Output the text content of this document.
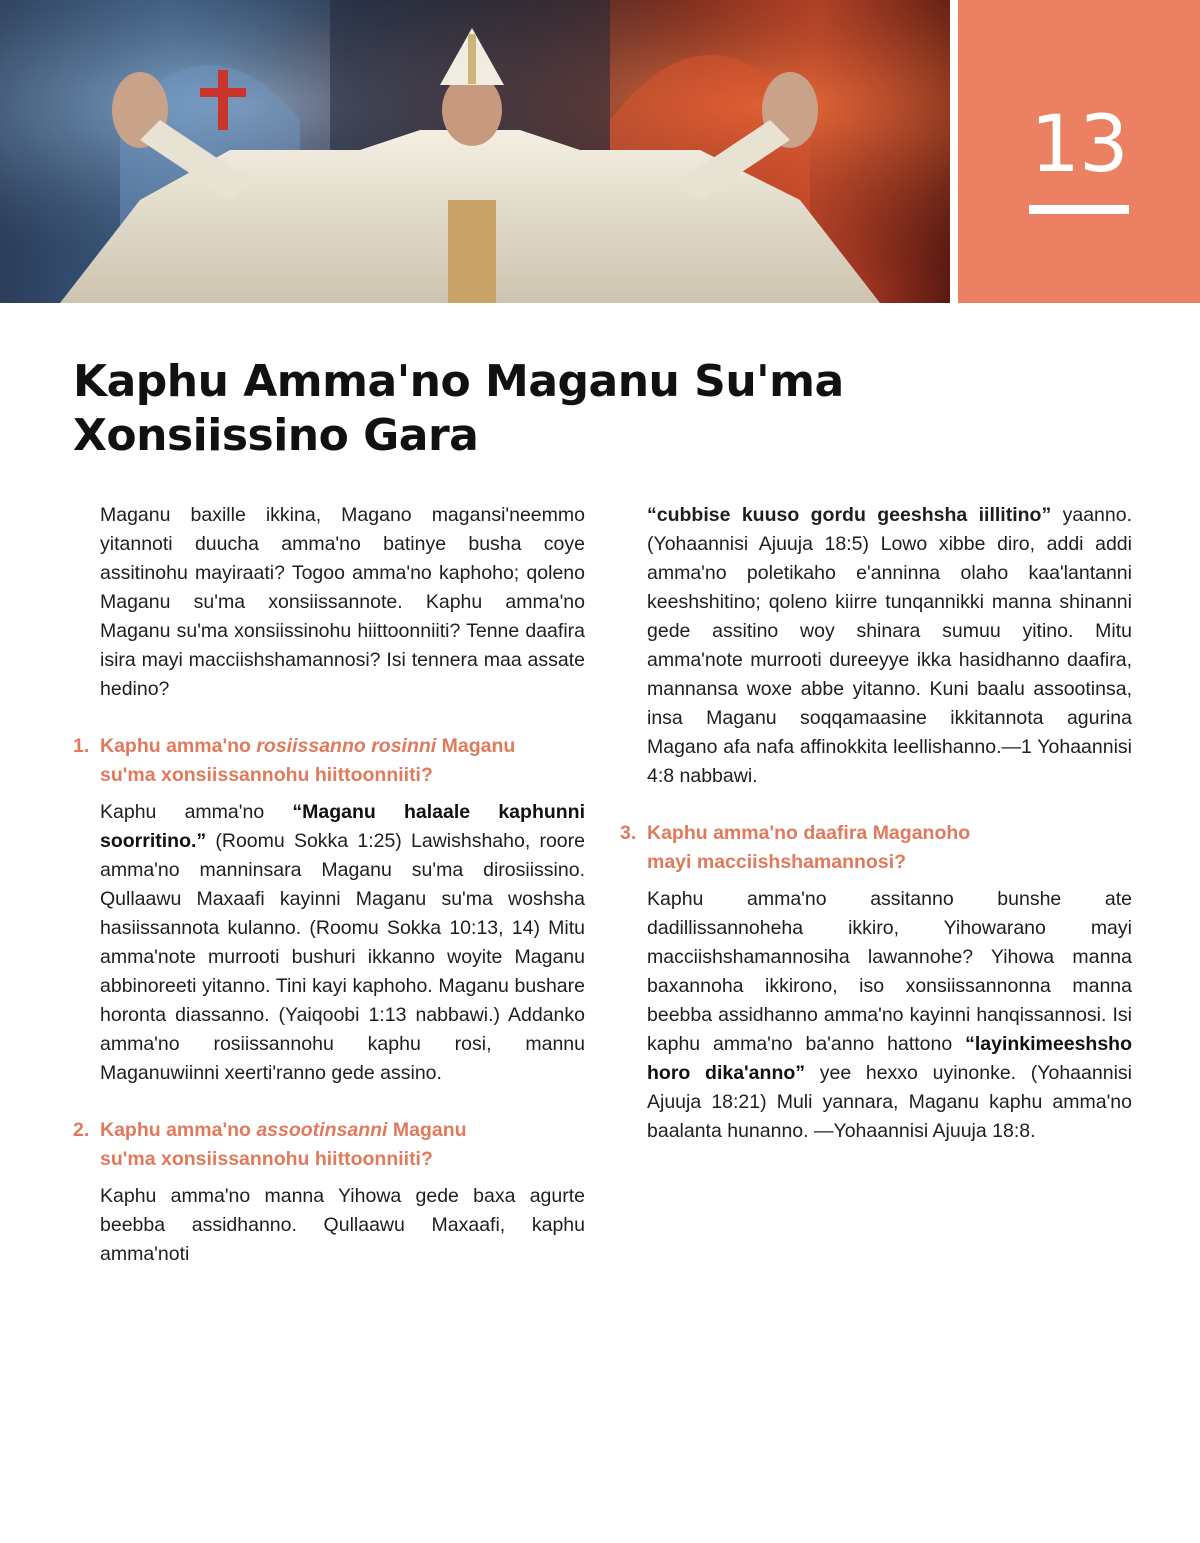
13
Kaphu Amma'no Maganu Su'ma
Xonsiissino Gara

Maganu baxille ikkina, Magano magansi'neemmo yitannoti duucha amma'no batinye busha coye assitinohu mayiraati? Togoo amma'no kaphoho; qoleno Maganu su'ma xonsiissannote. Kaphu amma'no Maganu su'ma xonsiissinohu hiittoonniiti? Tenne daafira isira mayi macciishshamannosi? Isi tennera maa assate hedino?

1. Kaphu amma'no rosiissanno rosinni Maganu
su'ma xonsiissannohu hiittoonniiti?

Kaphu amma'no “Maganu halaale kaphunni soorritino.” (Roomu Sokka 1:25) Lawishshaho, roore amma'no manninsara Maganu su'ma dirosiissino. Qullaawu Maxaafi kayinni Maganu su'ma woshsha hasiissannota kulanno. (Roomu Sokka 10:13, 14) Mitu amma'note murrooti bushuri ikkanno woyite Maganu abbinoreeti yitanno. Tini kayi kaphoho. Maganu bushare horonta diassanno. (Yaiqoobi 1:13 nabbawi.) Addanko amma'no rosiissannohu kaphu rosi, mannu Maganuwiinni xeerti'ranno gede assino.

2. Kaphu amma'no assootinsanni Maganu
su'ma xonsiissannohu hiittoonniiti?

Kaphu amma'no manna Yihowa gede baxa agurte beebba assidhanno. Qullaawu Maxaafi, kaphu amma'noti

“cubbise kuuso gordu geeshsha iillitino” yaanno. (Yohaannisi Ajuuja 18:5) Lowo xibbe diro, addi addi amma'no poletikaho e'anninna olaho kaa'lantanni keeshshitino; qoleno kiirre tunqannikki manna shinanni gede assitino woy shinara sumuu yitino. Mitu amma'note murrooti dureeyye ikka hasidhanno daafira, mannansa woxe abbe yitanno. Kuni baalu assootinsa, insa Maganu soqqamaasine ikkitannota agurina Magano afa nafa affinokkita leellishanno.—1 Yohaannisi 4:8 nabbawi.

3. Kaphu amma'no daafira Maganoho
mayi macciishshamannosi?

Kaphu amma'no assitanno bunshe ate dadillissannoheha ikkiro, Yihowarano mayi macciishshamannosiha lawannohe? Yihowa manna baxannoha ikkirono, iso xonsiissannonna manna beebba assidhanno amma'no kayinni hanqissannosi. Isi kaphu amma'no ba'anno hattono “layinkimeeshsho horo dika'anno” yee hexxo uyinonke. (Yohaannisi Ajuuja 18:21) Muli yannara, Maganu kaphu amma'no baalanta hunanno. —Yohaannisi Ajuuja 18:8.
